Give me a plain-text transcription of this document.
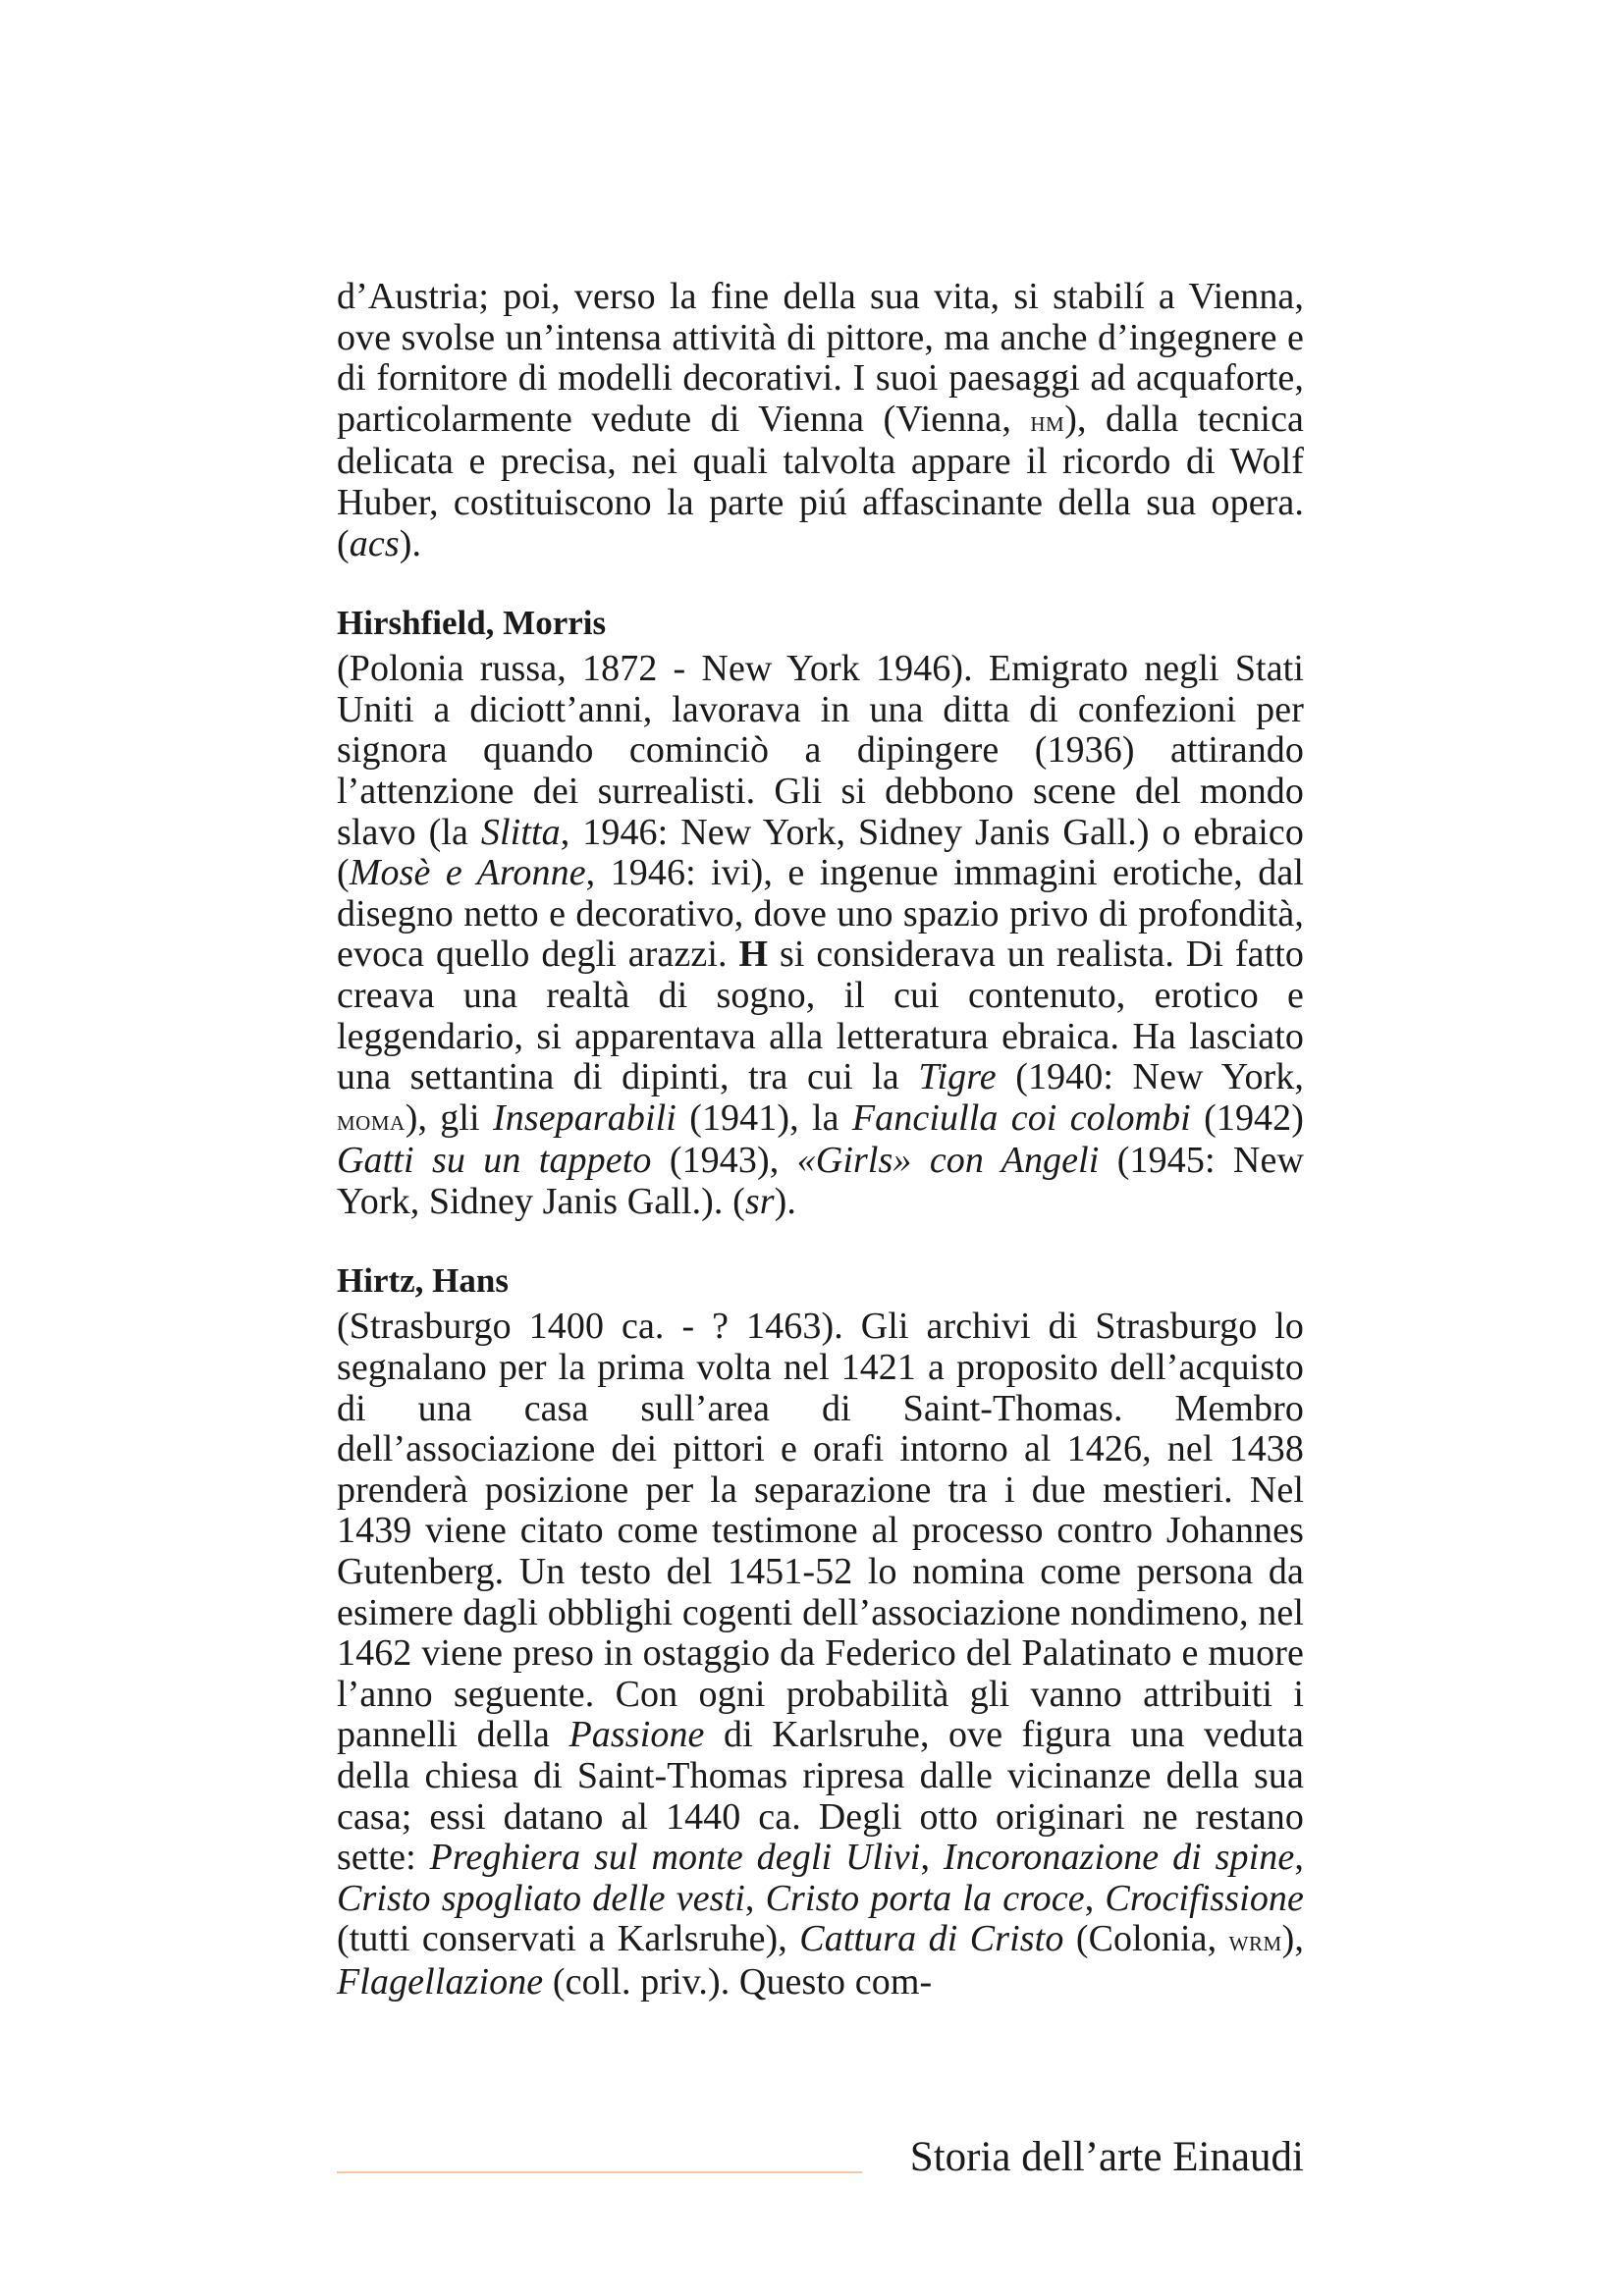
d’Austria; poi, verso la fine della sua vita, si stabilí a Vienna, ove svolse un’intensa attività di pittore, ma anche d’ingegnere e di fornitore di modelli decorativi. I suoi paesaggi ad acquaforte, particolarmente vedute di Vienna (Vienna, hm), dalla tecnica delicata e precisa, nei quali talvolta appare il ricordo di Wolf Huber, costituiscono la parte piú affascinante della sua opera. (acs).

Hirshfield, Morris

(Polonia russa, 1872 - New York 1946). Emigrato negli Stati Uniti a diciott’anni, lavorava in una ditta di confezioni per signora quando cominciò a dipingere (1936) attirando l’attenzione dei surrealisti. Gli si debbono scene del mondo slavo (la Slitta, 1946: New York, Sidney Janis Gall.) o ebraico (Mosè e Aronne, 1946: ivi), e ingenue immagini erotiche, dal disegno netto e decorativo, dove uno spazio privo di profondità, evoca quello degli arazzi. H si considerava un realista. Di fatto creava una realtà di sogno, il cui contenuto, erotico e leggendario, si apparentava alla letteratura ebraica. Ha lasciato una settantina di dipinti, tra cui la Tigre (1940: New York, moma), gli Inseparabili (1941), la Fanciulla coi colombi (1942) Gatti su un tappeto (1943), «Girls» con Angeli (1945: New York, Sidney Janis Gall.). (sr).

Hirtz, Hans

(Strasburgo 1400 ca. - ? 1463). Gli archivi di Strasburgo lo segnalano per la prima volta nel 1421 a proposito dell’acquisto di una casa sull’area di Saint-Thomas. Membro dell’associazione dei pittori e orafi intorno al 1426, nel 1438 prenderà posizione per la separazione tra i due mestieri. Nel 1439 viene citato come testimone al processo contro Johannes Gutenberg. Un testo del 1451-52 lo nomina come persona da esimere dagli obblighi cogenti dell’associazione nondimeno, nel 1462 viene preso in ostaggio da Federico del Palatinato e muore l’anno seguente. Con ogni probabilità gli vanno attribuiti i pannelli della Passione di Karlsruhe, ove figura una veduta della chiesa di Saint-Thomas ripresa dalle vicinanze della sua casa; essi datano al 1440 ca. Degli otto originari ne restano sette: Preghiera sul monte degli Ulivi, Incoronazione di spine, Cristo spogliato delle vesti, Cristo porta la croce, Crocifissione (tutti conservati a Karlsruhe), Cattura di Cristo (Colonia, wrm), Flagellazione (coll. priv.). Questo com-

Storia dell’arte Einaudi
